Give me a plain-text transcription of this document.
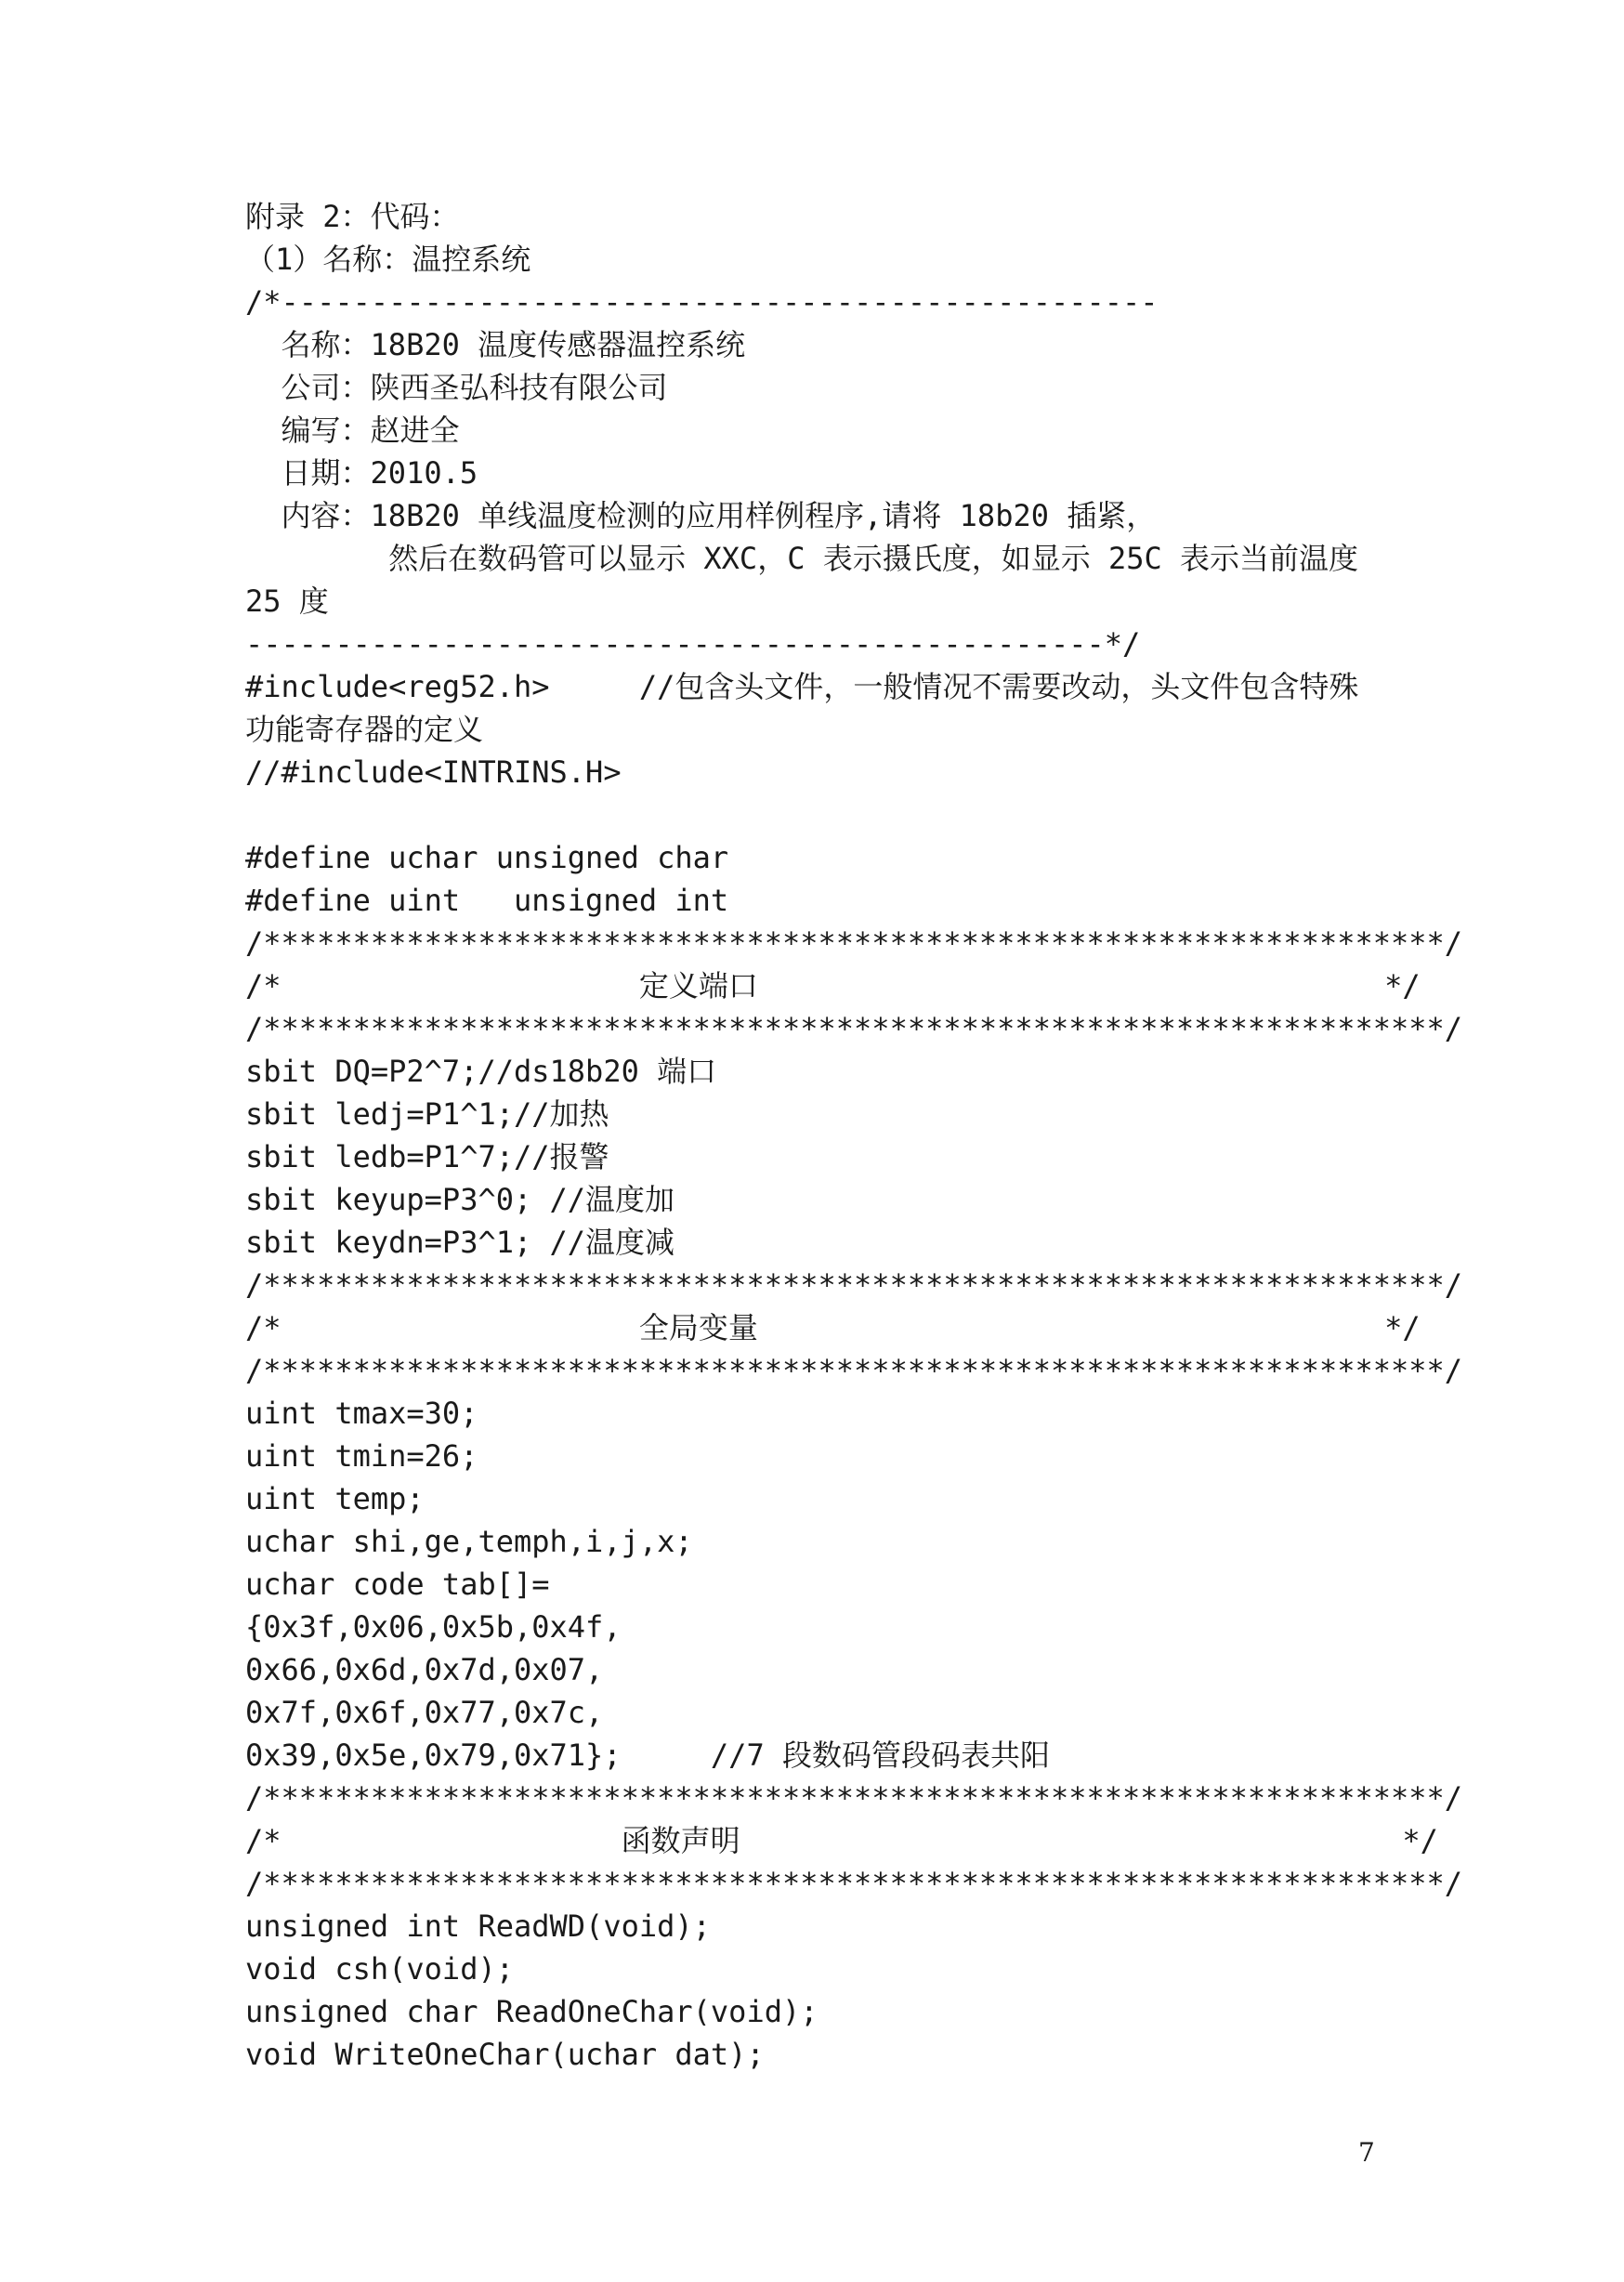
附录 2：代码：
（1）名称：温控系统
/*-------------------------------------------------
名称：18B20 温度传感器温控系统
公司：陕西圣弘科技有限公司
编写：赵进全
日期：2010.5
内容：18B20 单线温度检测的应用样例程序,请将 18b20 插紧，
然后在数码管可以显示 XXC，C 表示摄氏度，如显示 25C 表示当前温度
25 度
------------------------------------------------*/
#include<reg52.h>     //包含头文件，一般情况不需要改动，头文件包含特殊
功能寄存器的定义
//#include<INTRINS.H>
#define uchar unsigned char
#define uint   unsigned int
/******************************************************************/
/*                    定义端口                                   */
/******************************************************************/
sbit DQ=P2^7;//ds18b20 端口
sbit ledj=P1^1;//加热
sbit ledb=P1^7;//报警
sbit keyup=P3^0; //温度加
sbit keydn=P3^1; //温度减
/******************************************************************/
/*                    全局变量                                   */
/******************************************************************/
uint tmax=30;
uint tmin=26;
uint temp;
uchar shi,ge,temph,i,j,x;
uchar code tab[]=
{0x3f,0x06,0x5b,0x4f,
0x66,0x6d,0x7d,0x07,
0x7f,0x6f,0x77,0x7c,
0x39,0x5e,0x79,0x71};     //7 段数码管段码表共阳
/******************************************************************/
/*                   函数声明                                     */
/******************************************************************/
unsigned int ReadWD(void);
void csh(void);
unsigned char ReadOneChar(void);
void WriteOneChar(uchar dat);
7
